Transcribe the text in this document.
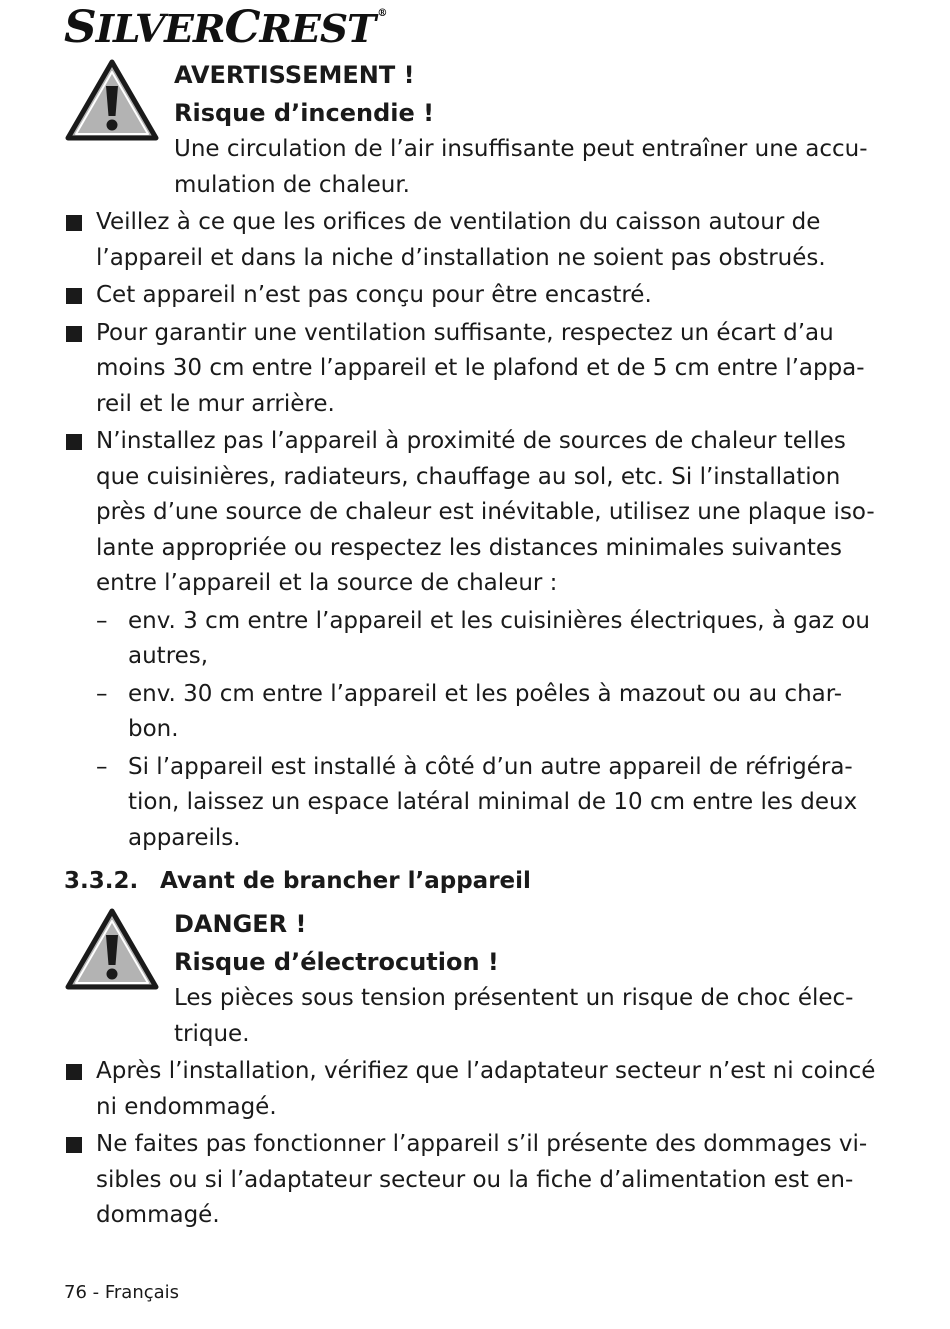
SILVERCREST ®
AVERTISSEMENT !
Risque d’incendie !
Une circulation de l’air insuffisante peut entraîner une accu-
mulation de chaleur.
Veillez à ce que les orifices de ventilation du caisson autour de
l’appareil et dans la niche d’installation ne soient pas obstrués.
Cet appareil n’est pas conçu pour être encastré.
Pour garantir une ventilation suffisante, respectez un écart d’au
moins 30 cm entre l’appareil et le plafond et de 5 cm entre l’appa-
reil et le mur arrière.
N’installez pas l’appareil à proximité de sources de chaleur telles
que cuisinières, radiateurs, chauffage au sol, etc. Si l’installation
près d’une source de chaleur est inévitable, utilisez une plaque iso-
lante appropriée ou respectez les distances minimales suivantes
entre l’appareil et la source de chaleur :
– env. 3 cm entre l’appareil et les cuisinières électriques, à gaz ou
autres,
– env. 30 cm entre l’appareil et les poêles à mazout ou au char-
bon.
– Si l’appareil est installé à côté d’un autre appareil de réfrigéra-
tion, laissez un espace latéral minimal de 10 cm entre les deux
appareils.
3.3.2. Avant de brancher l’appareil
DANGER !
Risque d’électrocution !
Les pièces sous tension présentent un risque de choc élec-
trique.
Après l’installation, vérifiez que l’adaptateur secteur n’est ni coincé
ni endommagé.
Ne faites pas fonctionner l’appareil s’il présente des dommages vi-
sibles ou si l’adaptateur secteur ou la fiche d’alimentation est en-
dommagé.
76 - Français
